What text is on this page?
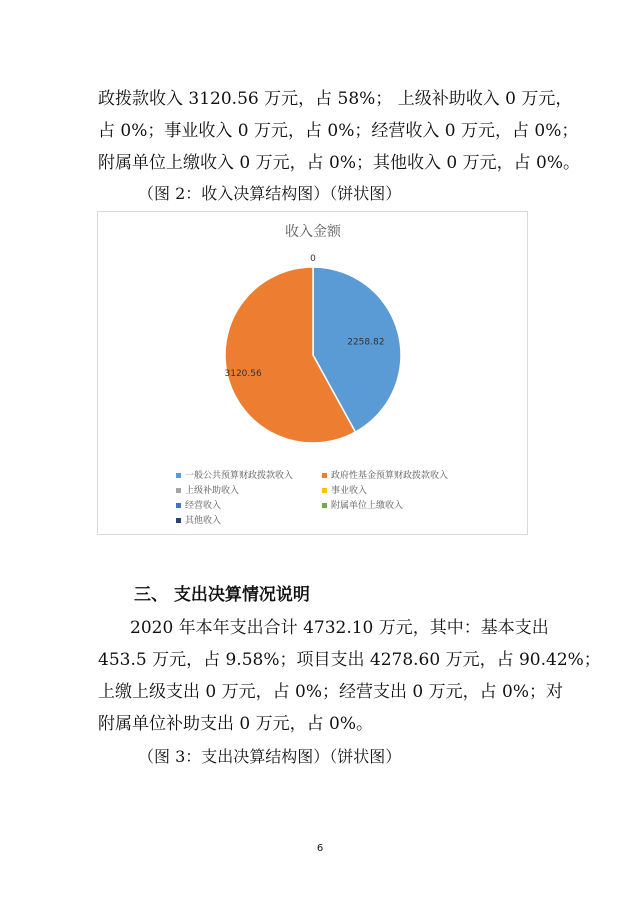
政拨款收入 3120.56 万元，占 58%； 上级补助收入 0 万元，
占 0%；事业收入 0 万元，占 0%；经营收入 0 万元，占 0%；
附属单位上缴收入 0 万元，占 0%；其他收入 0 万元，占 0%。
（图 2：收入决算结构图）（饼状图）
收入金额
2258.82
3120.56
0
一般公共预算财政拨款收入	政府性基金预算财政拨款收入
上级补助收入	事业收入
经营收入	附属单位上缴收入
其他收入
三、 支出决算情况说明
2020 年本年支出合计 4732.10 万元，其中：基本支出
453.5 万元，占 9.58%；项目支出 4278.60 万元，占 90.42%；
上缴上级支出 0 万元，占 0%；经营支出 0 万元，占 0%；对
附属单位补助支出 0 万元，占 0%。
（图 3：支出决算结构图）（饼状图）
6
